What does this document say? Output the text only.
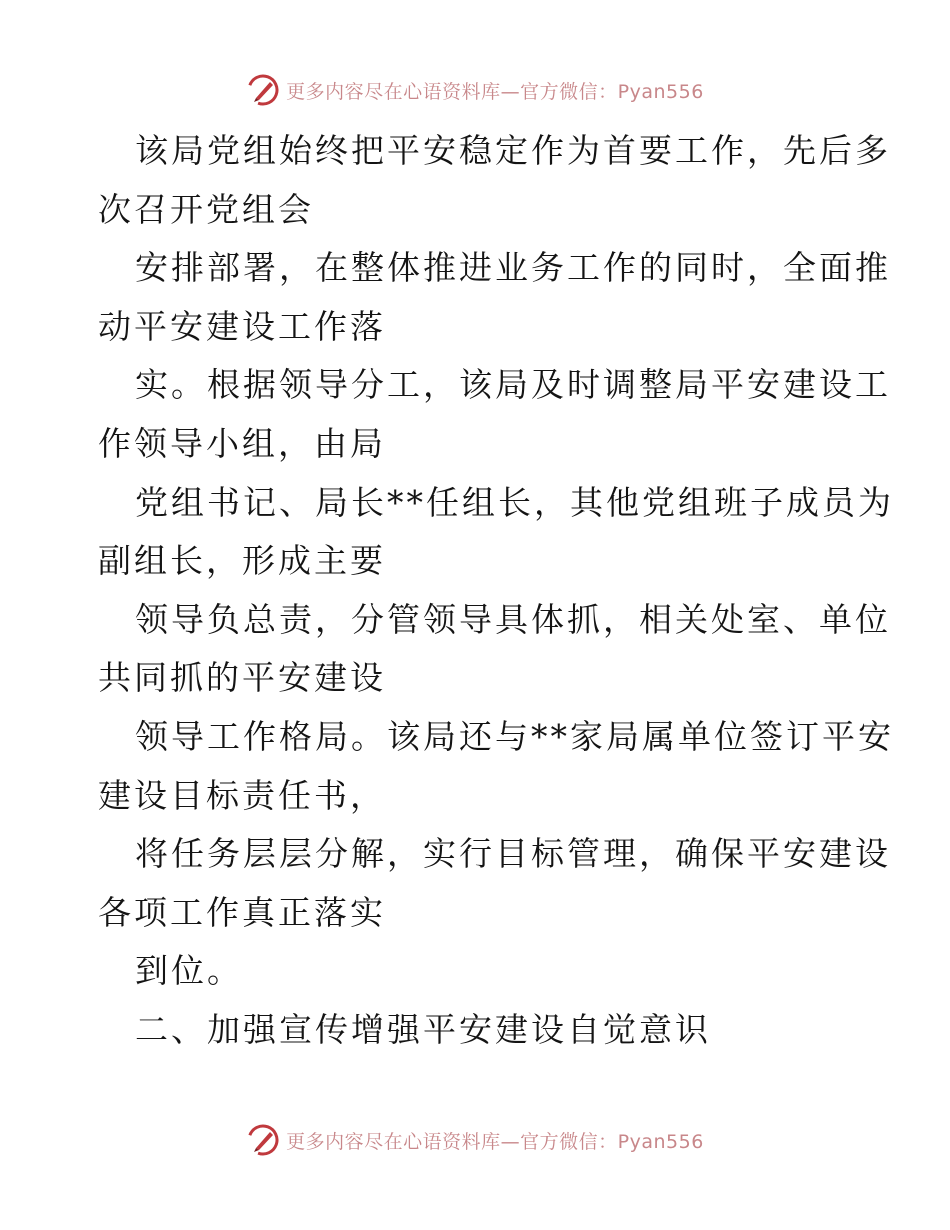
更多内容尽在心语资料库—官方微信：Pyan556

该局党组始终把平安稳定作为首要工作，先后多

次召开党组会

安排部署，在整体推进业务工作的同时，全面推

动平安建设工作落

实。根据领导分工，该局及时调整局平安建设工

作领导小组，由局

党组书记、局长**任组长，其他党组班子成员为

副组长，形成主要

领导负总责，分管领导具体抓，相关处室、单位

共同抓的平安建设

领导工作格局。该局还与**家局属单位签订平安

建设目标责任书，

将任务层层分解，实行目标管理，确保平安建设

各项工作真正落实

到位。

二、加强宣传增强平安建设自觉意识

更多内容尽在心语资料库—官方微信：Pyan556
